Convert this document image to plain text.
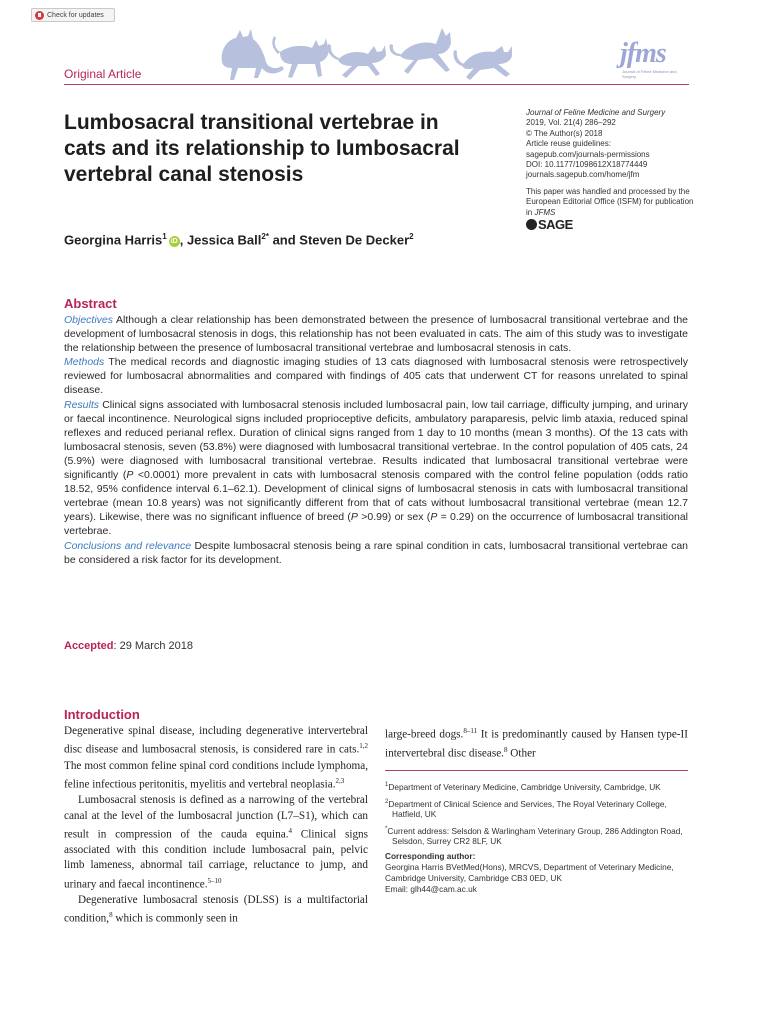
Check for updates
Original Article
jfms
Journal of Feline Medicine and Surgery
Lumbosacral transitional vertebrae in cats and its relationship to lumbosacral vertebral canal stenosis
Georgina Harris$^1$iD , Jessica Ball$^{2*}$ and Steven De Decker$^2$
Journal of Feline Medicine and Surgery
2019, Vol. 21(4) 286–292
© The Author(s) 2018
Article reuse guidelines:
sagepub.com/journals-permissions
DOI: 10.1177/1098612X18774449
journals.sagepub.com/home/jfm
This paper was handled and processed by the European Editorial Office (ISFM) for publication in JFMS
SAGE
Abstract

Objectives Although a clear relationship has been demonstrated between the presence of lumbosacral transitional vertebrae and the development of lumbosacral stenosis in dogs, this relationship has not been evaluated in cats. The aim of this study was to investigate the relationship between the presence of lumbosacral transitional vertebrae and lumbosacral stenosis in cats.

Methods The medical records and diagnostic imaging studies of 13 cats diagnosed with lumbosacral stenosis were retrospectively reviewed for lumbosacral abnormalities and compared with findings of 405 cats that underwent CT for reasons unrelated to spinal disease.

Results Clinical signs associated with lumbosacral stenosis included lumbosacral pain, low tail carriage, difficulty jumping, and urinary or faecal incontinence. Neurological signs included proprioceptive deficits, ambulatory paraparesis, pelvic limb ataxia, reduced spinal reflexes and reduced perianal reflex. Duration of clinical signs ranged from 1 day to 10 months (mean 3 months). Of the 13 cats with lumbosacral stenosis, seven (53.8%) were diagnosed with lumbosacral transitional vertebrae. In the control population of 405 cats, 24 (5.9%) were diagnosed with lumbosacral transitional vertebrae. Results indicated that lumbosacral transitional vertebrae were significantly (P <0.0001) more prevalent in cats with lumbosacral stenosis compared with the control feline population (odds ratio 18.52, 95% confidence interval 6.1–62.1). Development of clinical signs of lumbosacral stenosis in cats with lumbosacral transitional vertebrae (mean 10.8 years) was not significantly different from that of cats without lumbosacral transitional vertebrae (mean 12.7 years). Likewise, there was no significant influence of breed (P >0.99) or sex (P = 0.29) on the occurrence of lumbosacral transitional vertebrae.

Conclusions and relevance Despite lumbosacral stenosis being a rare spinal condition in cats, lumbosacral transitional vertebrae can be considered a risk factor for its development.

Accepted: 29 March 2018
Introduction

Degenerative spinal disease, including degenerative intervertebral disc disease and lumbosacral stenosis, is considered rare in cats.$^{1,2}$ The most common feline spinal cord conditions include lymphoma, feline infectious peritonitis, myelitis and vertebral neoplasia.$^{2,3}$

Lumbosacral stenosis is defined as a narrowing of the vertebral canal at the level of the lumbosacral junction (L7–S1), which can result in compression of the cauda equina.$^4$ Clinical signs associated with this condition include lumbosacral pain, pelvic limb lameness, abnormal tail carriage, reluctance to jump, and urinary and faecal incontinence.$^{5-10}$

Degenerative lumbosacral stenosis (DLSS) is a multifactorial condition,$^8$ which is commonly seen in

large-breed dogs.$^{8-11}$ It is predominantly caused by Hansen type-II intervertebral disc disease.$^8$ Other

$^1$Department of Veterinary Medicine, Cambridge University, Cambridge, UK
$^2$Department of Clinical Science and Services, The Royal Veterinary College, Hatfield, UK
*Current address: Selsdon & Warlingham Veterinary Group, 286 Addington Road, Selsdon, Surrey CR2 8LF, UK
Corresponding author:
Georgina Harris BVetMed(Hons), MRCVS, Department of Veterinary Medicine, Cambridge University, Cambridge CB3 0ED, UK
Email: glh44@cam.ac.uk
